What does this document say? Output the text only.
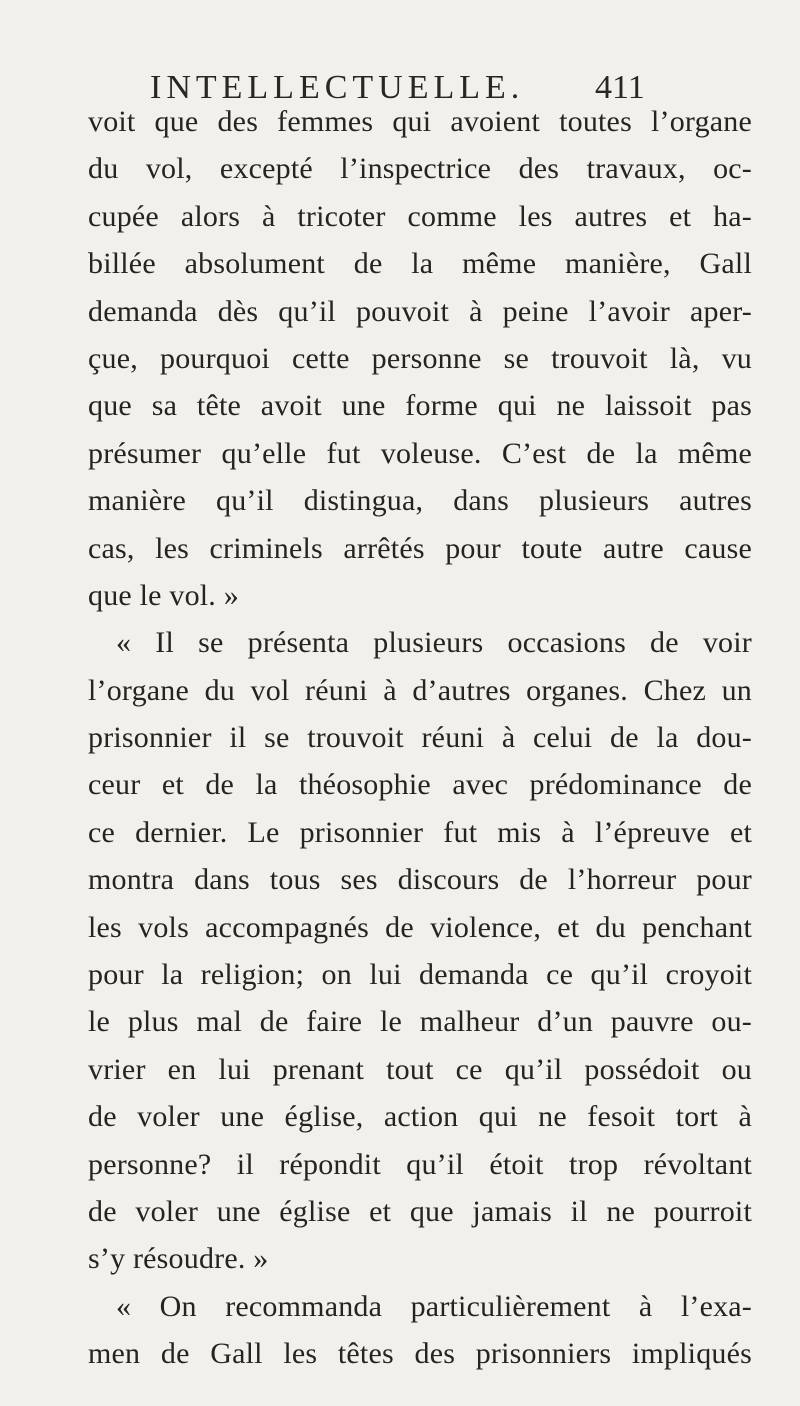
INTELLECTUELLE. 411
voit que des femmes qui avoient toutes l’organe
du vol, excepté l’inspectrice des travaux, oc-
cupée alors à tricoter comme les autres et ha-
billée absolument de la même manière, Gall
demanda dès qu’il pouvoit à peine l’avoir aper-
çue, pourquoi cette personne se trouvoit là, vu
que sa tête avoit une forme qui ne laissoit pas
présumer qu’elle fut voleuse. C’est de la même
manière qu’il distingua, dans plusieurs autres
cas, les criminels arrêtés pour toute autre cause
que le vol. »
« Il se présenta plusieurs occasions de voir
l’organe du vol réuni à d’autres organes. Chez un
prisonnier il se trouvoit réuni à celui de la dou-
ceur et de la théosophie avec prédominance de
ce dernier. Le prisonnier fut mis à l’épreuve et
montra dans tous ses discours de l’horreur pour
les vols accompagnés de violence, et du penchant
pour la religion; on lui demanda ce qu’il croyoit
le plus mal de faire le malheur d’un pauvre ou-
vrier en lui prenant tout ce qu’il possédoit ou
de voler une église, action qui ne fesoit tort à
personne? il répondit qu’il étoit trop révoltant
de voler une église et que jamais il ne pourroit
s’y résoudre. »
« On recommanda particulièrement à l’exa-
men de Gall les têtes des prisonniers impliqués
